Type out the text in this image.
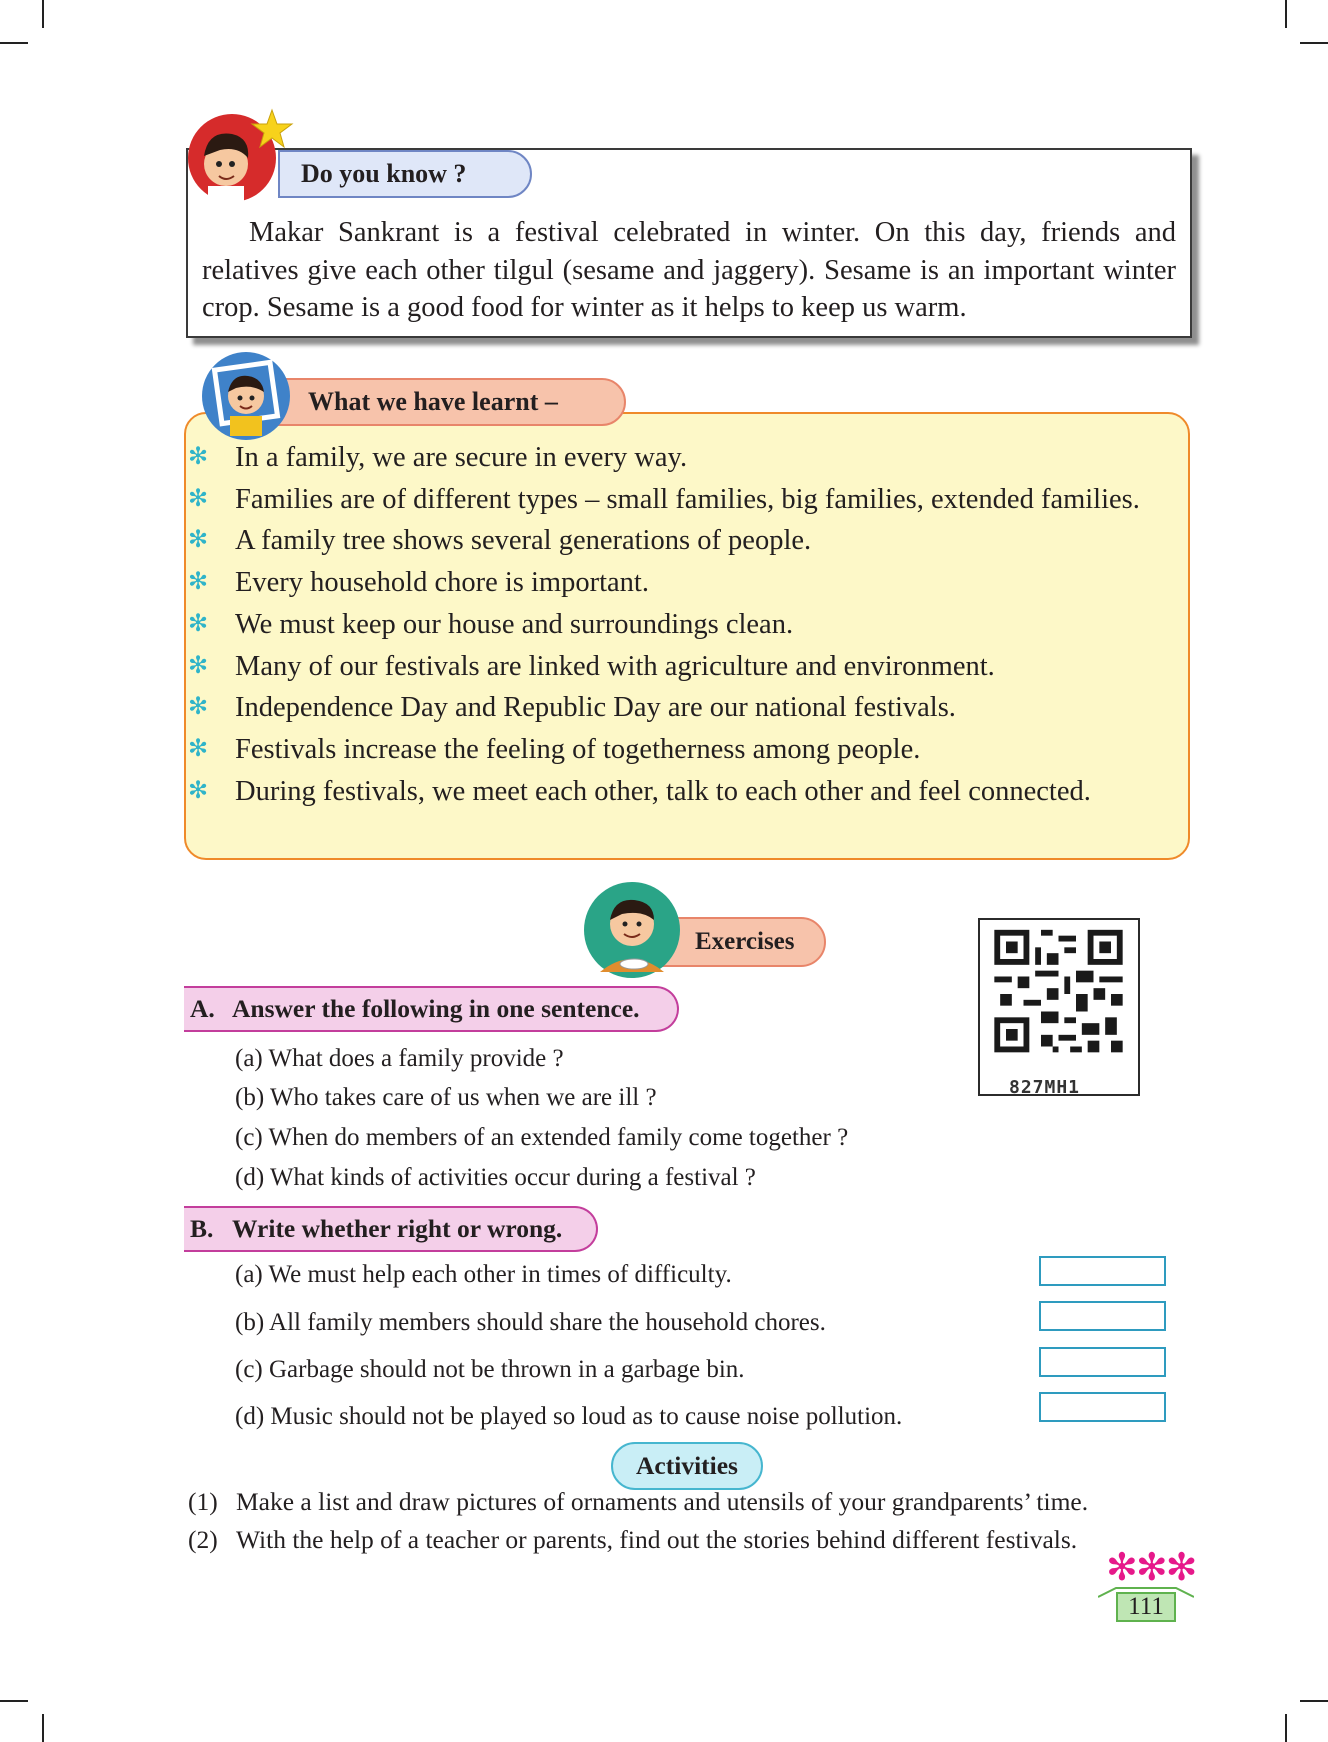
Do you know ?

Makar Sankrant is a festival celebrated in winter. On this day, friends and relatives give each other tilgul (sesame and jaggery). Sesame is an important winter crop. Sesame is a good food for winter as it helps to keep us warm.

What we have learnt –
✻ In a family, we are secure in every way.
✻ Families are of different types – small families, big families, extended families.
✻ A family tree shows several generations of people.
✻ Every household chore is important.
✻ We must keep our house and surroundings clean.
✻ Many of our festivals are linked with agriculture and environment.
✻ Independence Day and Republic Day are our national festivals.
✻ Festivals increase the feeling of togetherness among people.
✻ During festivals, we meet each other, talk to each other and feel connected.
Exercises
827MH1
A. Answer the following in one sentence.
(a) What does a family provide ?
(b) Who takes care of us when we are ill ?
(c) When do members of an extended family come together ?
(d) What kinds of activities occur during a festival ?
B. Write whether right or wrong.
(a) We must help each other in times of difficulty.
(b) All family members should share the household chores.
(c) Garbage should not be thrown in a garbage bin.
(d) Music should not be played so loud as to cause noise pollution.
Activities
(1) Make a list and draw pictures of ornaments and utensils of your grandparents’ time.
(2) With the help of a teacher or parents, find out the stories behind different festivals.
✻✻✻
111
